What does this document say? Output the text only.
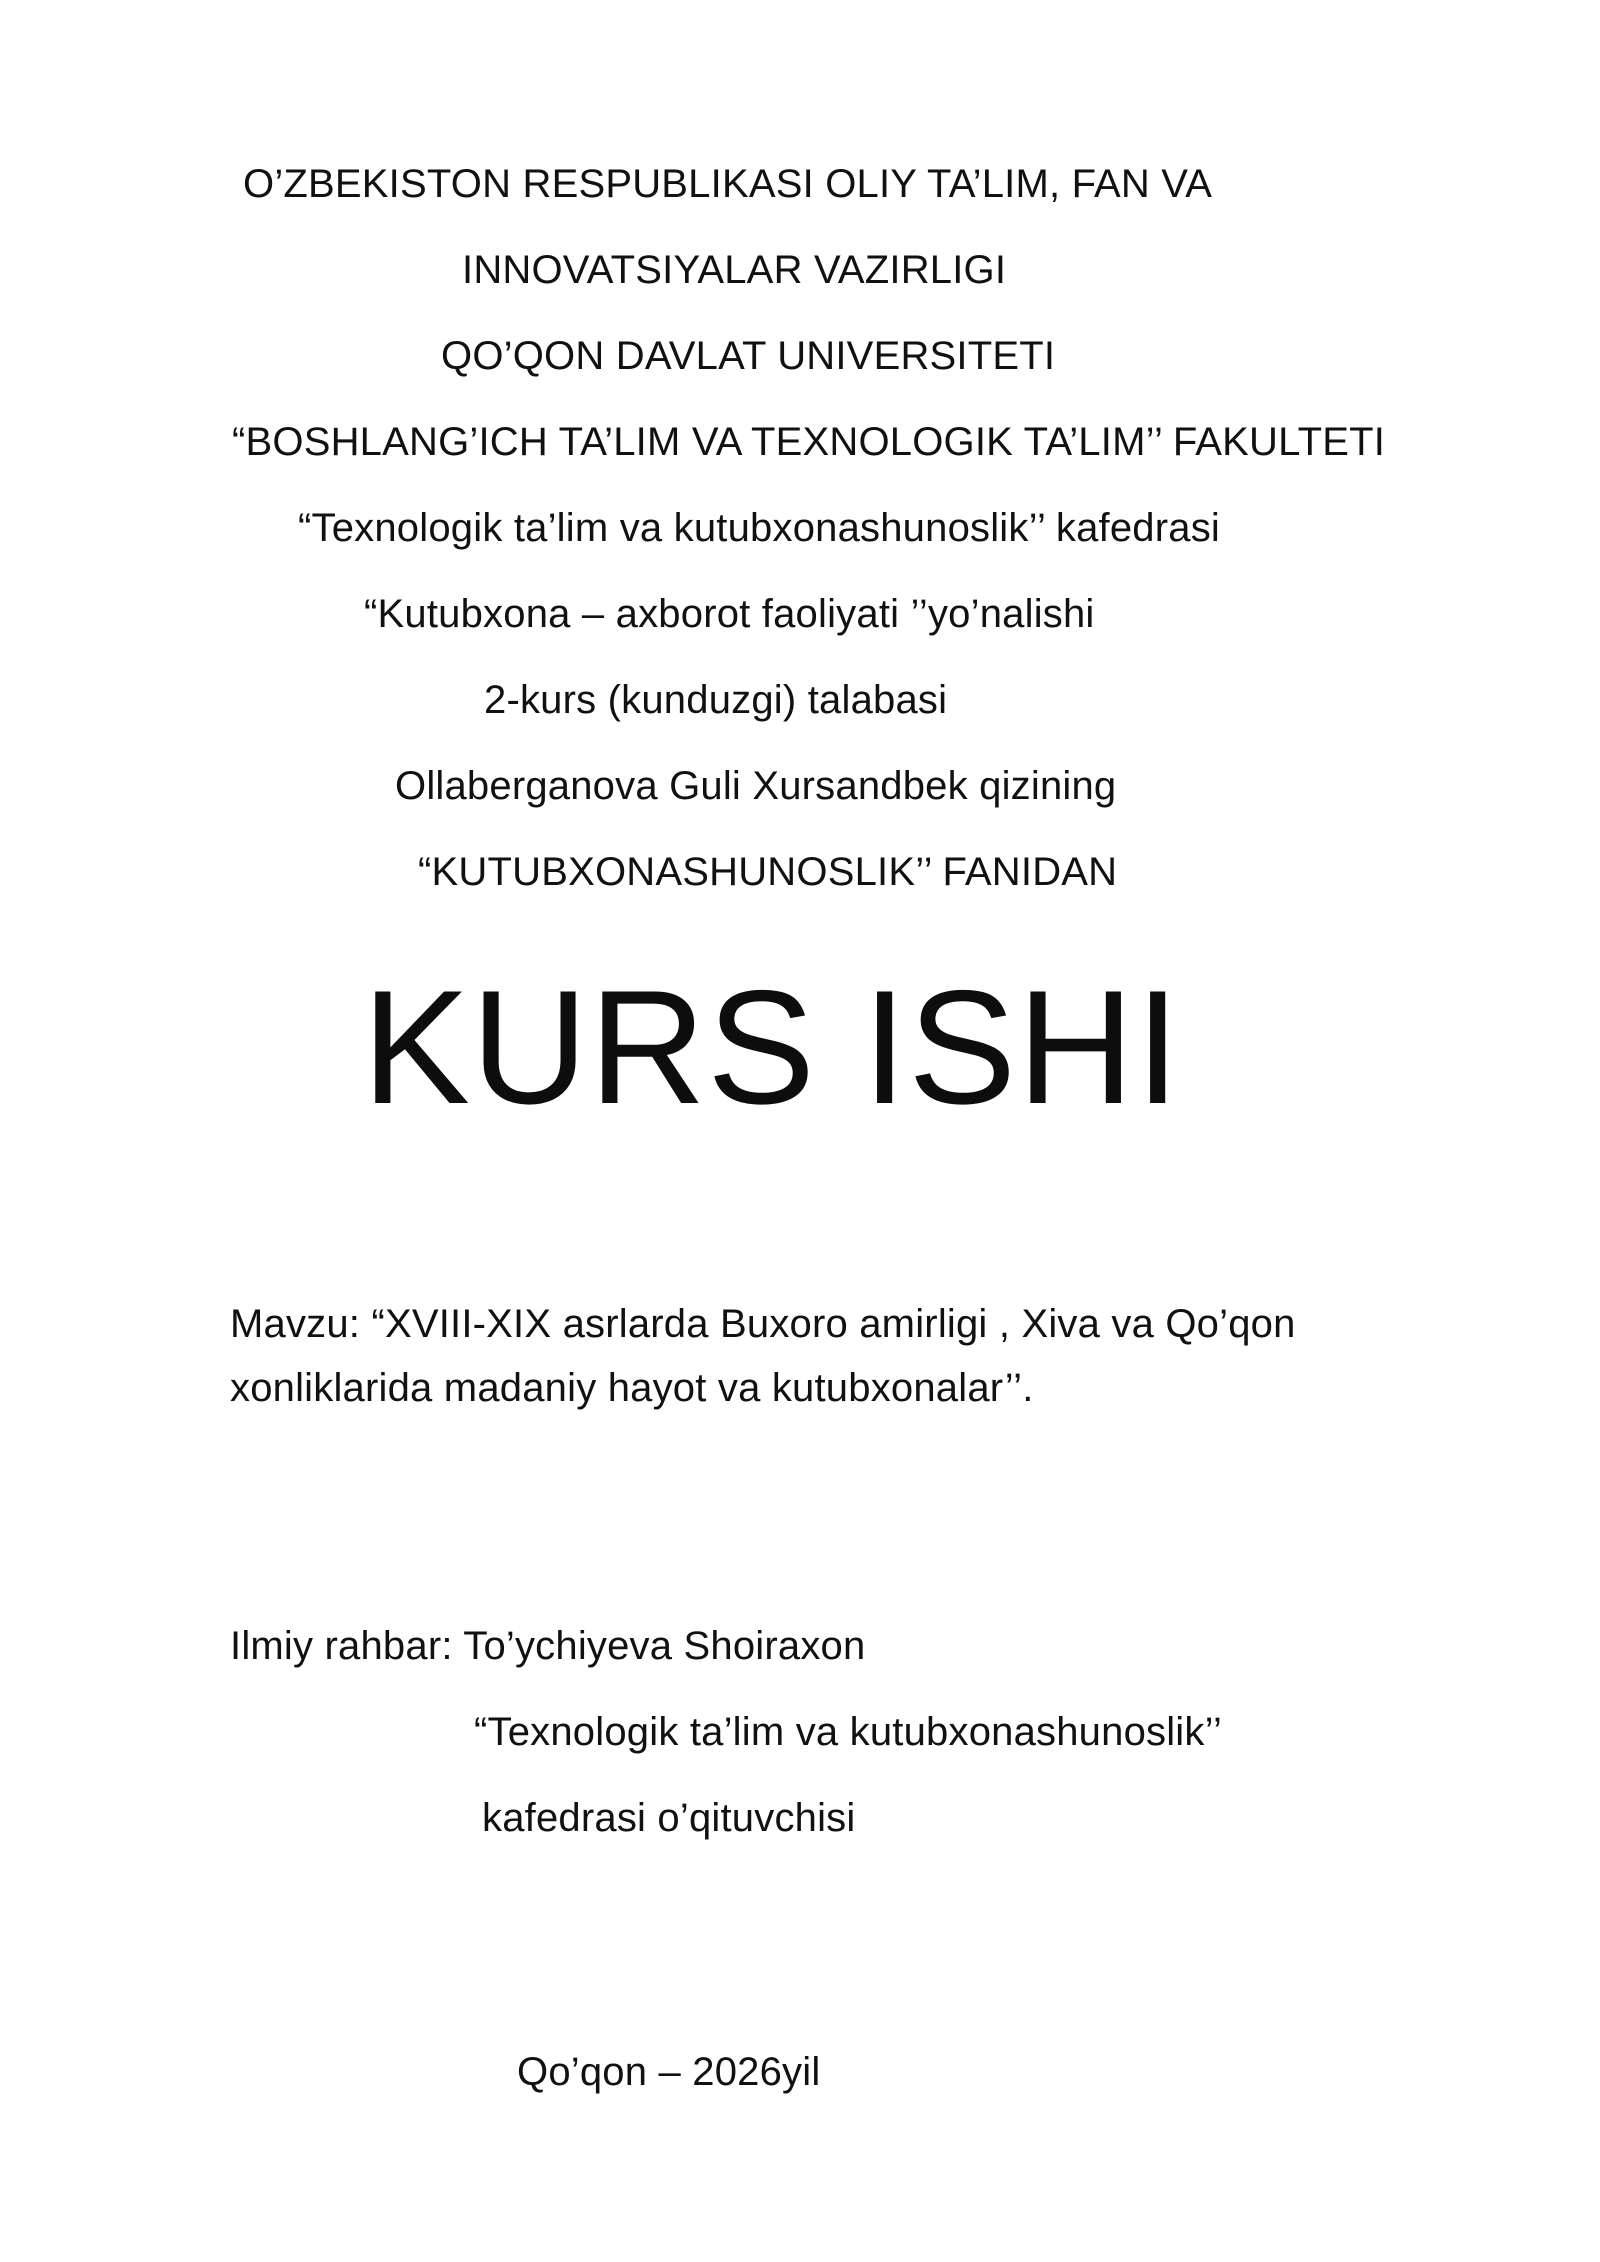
O’ZBEKISTON RESPUBLIKASI OLIY TA’LIM, FAN VA
INNOVATSIYALAR VAZIRLIGI
QO’QON DAVLAT UNIVERSITETI
“BOSHLANG’ICH TA’LIM VA TEXNOLOGIK TA’LIM’’ FAKULTETI
“Texnologik ta’lim va kutubxonashunoslik’’ kafedrasi
“Kutubxona – axborot faoliyati ’’yo’nalishi
2-kurs (kunduzgi) talabasi
Ollaberganova Guli Xursandbek qizining
“KUTUBXONASHUNOSLIK’’ FANIDAN
KURS ISHI
Mavzu: “XVIII-XIX asrlarda Buxoro amirligi , Xiva va Qo’qon
xonliklarida madaniy hayot va kutubxonalar’’.
Ilmiy rahbar: To’ychiyeva Shoiraxon
“Texnologik ta’lim va kutubxonashunoslik’’
kafedrasi o’qituvchisi
Qo’qon – 2026yil
